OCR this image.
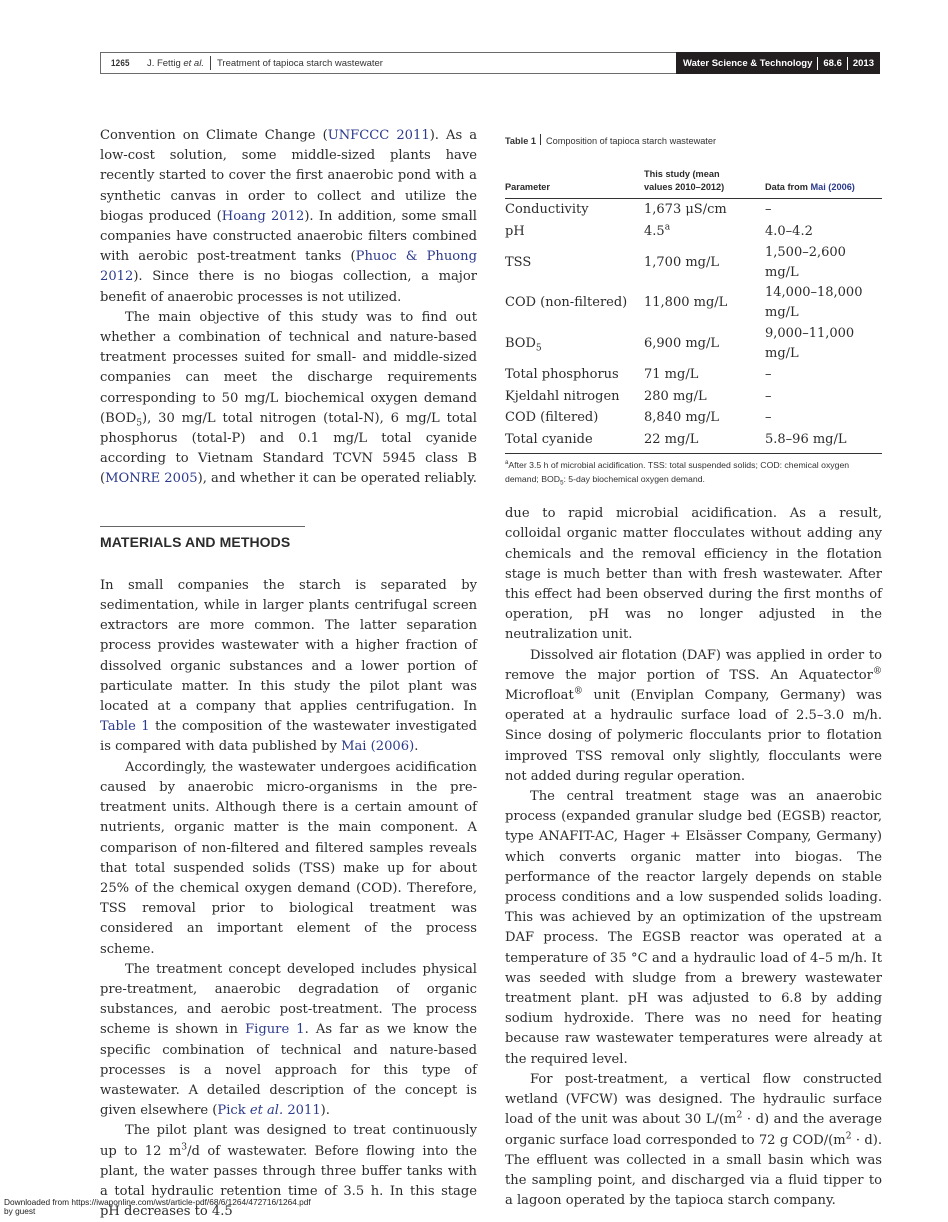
1265 J. Fettig et al. Treatment of tapioca starch wastewater	Water Science & Technology 68.6 2013

Convention on Climate Change (UNFCCC 2011). As a low-cost solution, some middle-sized plants have recently started to cover the first anaerobic pond with a synthetic canvas in order to collect and utilize the biogas produced (Hoang 2012). In addition, some small companies have constructed anaerobic filters combined with aerobic post-treatment tanks (Phuoc & Phuong 2012). Since there is no biogas collection, a major benefit of anaerobic processes is not utilized.

The main objective of this study was to find out whether a combination of technical and nature-based treatment processes suited for small- and middle-sized companies can meet the discharge requirements corresponding to 50 mg/L biochemical oxygen demand $(BOD_5)$, 30 mg/L total nitrogen (total-N), 6 mg/L total phosphorus (total-P) and 0.1 mg/L total cyanide according to Vietnam Standard TCVN 5945 class B (MONRE 2005), and whether it can be operated reliably.

MATERIALS AND METHODS

In small companies the starch is separated by sedimentation, while in larger plants centrifugal screen extractors are more common. The latter separation process provides wastewater with a higher fraction of dissolved organic substances and a lower portion of particulate matter. In this study the pilot plant was located at a company that applies centrifugation. In Table 1 the composition of the wastewater investigated is compared with data published by Mai (2006).

Accordingly, the wastewater undergoes acidification caused by anaerobic micro-organisms in the pre-treatment units. Although there is a certain amount of nutrients, organic matter is the main component. A comparison of non-filtered and filtered samples reveals that total suspended solids (TSS) make up for about 25% of the chemical oxygen demand (COD). Therefore, TSS removal prior to biological treatment was considered an important element of the process scheme.

The treatment concept developed includes physical pre-treatment, anaerobic degradation of organic substances, and aerobic post-treatment. The process scheme is shown in Figure 1. As far as we know the specific combination of technical and nature-based processes is a novel approach for this type of wastewater. A detailed description of the concept is given elsewhere (Pick et al. 2011).

The pilot plant was designed to treat continuously up to 12 $m^3/d$ of wastewater. Before flowing into the plant, the water passes through three buffer tanks with a total hydraulic retention time of 3.5 h. In this stage pH decreases to 4.5

Table 1 Composition of tapioca starch wastewater
Parameter	This study (mean
values 2010–2012)	Data from Mai (2006)
Conductivity	1,673 μS/cm	–
pH	4.5$^a$	4.0–4.2
TSS	1,700 mg/L	1,500–2,600 mg/L
COD (non-filtered)	11,800 mg/L	14,000–18,000 mg/L
$BOD_5$	6,900 mg/L	9,000–11,000 mg/L
Total phosphorus	71 mg/L	–
Kjeldahl nitrogen	280 mg/L	–
COD (filtered)	8,840 mg/L	–
Total cyanide	22 mg/L	5.8–96 mg/L
$^a$After 3.5 h of microbial acidification. TSS: total suspended solids; COD: chemical oxygen demand; $BOD_5$: 5-day biochemical oxygen demand.

due to rapid microbial acidification. As a result, colloidal organic matter flocculates without adding any chemicals and the removal efficiency in the flotation stage is much better than with fresh wastewater. After this effect had been observed during the first months of operation, pH was no longer adjusted in the neutralization unit.

Dissolved air flotation (DAF) was applied in order to remove the major portion of TSS. An Aquatector® Microfloat® unit (Enviplan Company, Germany) was operated at a hydraulic surface load of 2.5–3.0 m/h. Since dosing of polymeric flocculants prior to flotation improved TSS removal only slightly, flocculants were not added during regular operation.

The central treatment stage was an anaerobic process (expanded granular sludge bed (EGSB) reactor, type ANAFIT-AC, Hager + Elsässer Company, Germany) which converts organic matter into biogas. The performance of the reactor largely depends on stable process conditions and a low suspended solids loading. This was achieved by an optimization of the upstream DAF process. The EGSB reactor was operated at a temperature of 35 °C and a hydraulic load of 4–5 m/h. It was seeded with sludge from a brewery wastewater treatment plant. pH was adjusted to 6.8 by adding sodium hydroxide. There was no need for heating because raw wastewater temperatures were already at the required level.

For post-treatment, a vertical flow constructed wetland (VFCW) was designed. The hydraulic surface load of the unit was about 30 $L/(m^2 \cdot d)$ and the average organic surface load corresponded to 72 g COD/$(m^2 \cdot d)$. The effluent was collected in a small basin which was the sampling point, and discharged via a fluid tipper to a lagoon operated by the tapioca starch company.

Downloaded from https://iwaponline.com/wst/article-pdf/68/6/1264/472716/1264.pdf
by guest
